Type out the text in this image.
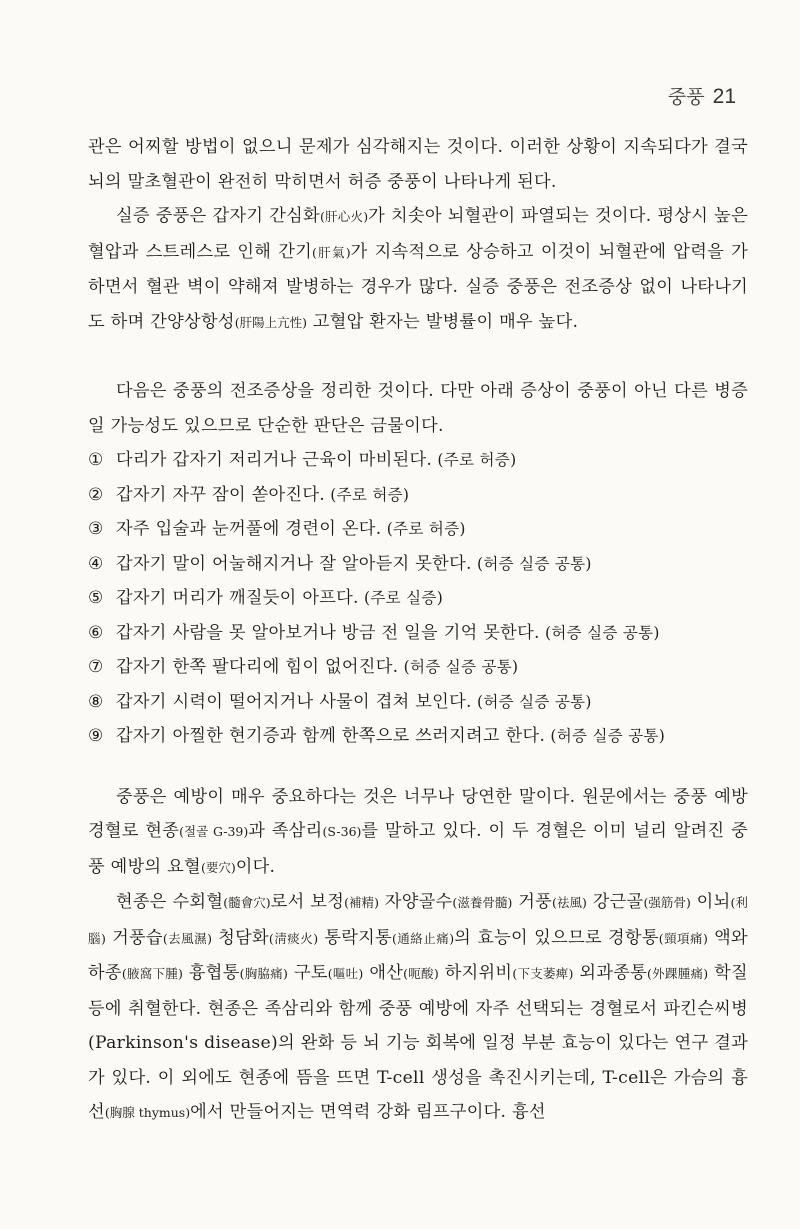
중풍 21

관은 어찌할 방법이 없으니 문제가 심각해지는 것이다. 이러한 상황이 지속되다가 결국 뇌의 말초혈관이 완전히 막히면서 허증 중풍이 나타나게 된다.

실증 중풍은 갑자기 간심화(肝心火)가 치솟아 뇌혈관이 파열되는 것이다. 평상시 높은 혈압과 스트레스로 인해 간기(肝氣)가 지속적으로 상승하고 이것이 뇌혈관에 압력을 가하면서 혈관 벽이 약해져 발병하는 경우가 많다. 실증 중풍은 전조증상 없이 나타나기도 하며 간양상항성(肝陽上亢性) 고혈압 환자는 발병률이 매우 높다.

다음은 중풍의 전조증상을 정리한 것이다. 다만 아래 증상이 중풍이 아닌 다른 병증일 가능성도 있으므로 단순한 판단은 금물이다.

① 다리가 갑자기 저리거나 근육이 마비된다. (주로 허증)
② 갑자기 자꾸 잠이 쏟아진다. (주로 허증)
③ 자주 입술과 눈꺼풀에 경련이 온다. (주로 허증)
④ 갑자기 말이 어눌해지거나 잘 알아듣지 못한다. (허증 실증 공통)
⑤ 갑자기 머리가 깨질듯이 아프다. (주로 실증)
⑥ 갑자기 사람을 못 알아보거나 방금 전 일을 기억 못한다. (허증 실증 공통)
⑦ 갑자기 한쪽 팔다리에 힘이 없어진다. (허증 실증 공통)
⑧ 갑자기 시력이 떨어지거나 사물이 겹쳐 보인다. (허증 실증 공통)
⑨ 갑자기 아찔한 현기증과 함께 한쪽으로 쓰러지려고 한다. (허증 실증 공통)

중풍은 예방이 매우 중요하다는 것은 너무나 당연한 말이다. 원문에서는 중풍 예방 경혈로 현종(절골 G-39)과 족삼리(S-36)를 말하고 있다. 이 두 경혈은 이미 널리 알려진 중풍 예방의 요혈(要穴)이다.

현종은 수회혈(髓會穴)로서 보정(補精) 자양골수(滋養骨髓) 거풍(祛風) 강근골(强筋骨) 이뇌(利腦) 거풍습(去風濕) 청담화(淸痰火) 통락지통(通絡止痛)의 효능이 있으므로 경항통(頸項痛) 액와하종(腋窩下腫) 흉협통(胸脇痛) 구토(嘔吐) 애산(呃酸) 하지위비(下支萎痺) 외과종통(外踝腫痛) 학질 등에 취혈한다. 현종은 족삼리와 함께 중풍 예방에 자주 선택되는 경혈로서 파킨슨씨병(Parkinson's disease)의 완화 등 뇌 기능 회복에 일정 부분 효능이 있다는 연구 결과가 있다. 이 외에도 현종에 뜸을 뜨면 T-cell 생성을 촉진시키는데, T-cell은 가슴의 흉선(胸腺 thymus)에서 만들어지는 면역력 강화 림프구이다. 흉선
